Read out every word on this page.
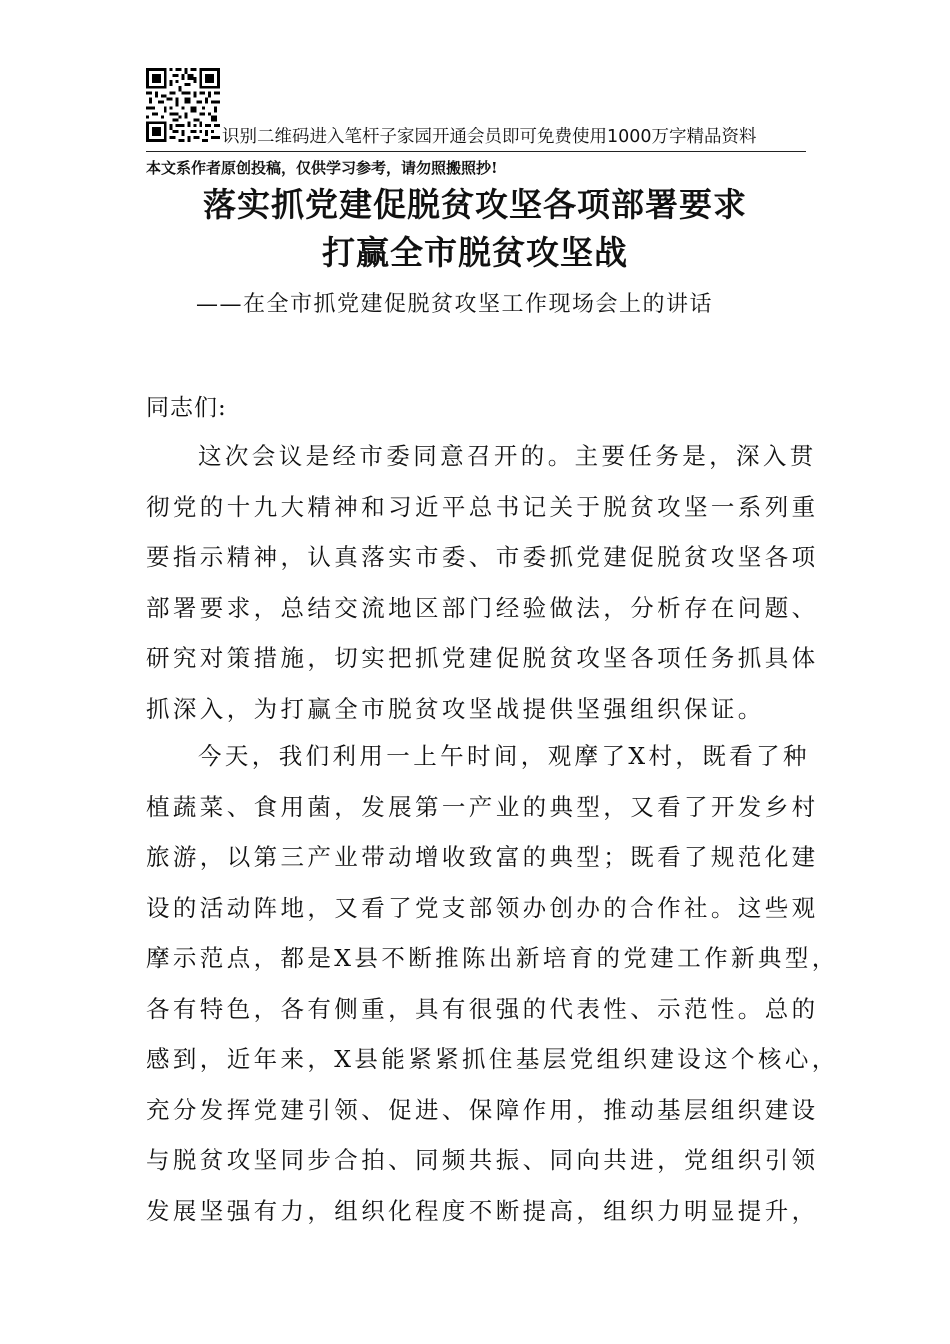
识别二维码进入笔杆子家园开通会员即可免费使用1000万字精品资料
本文系作者原创投稿，仅供学习参考，请勿照搬照抄!
落实抓党建促脱贫攻坚各项部署要求
打赢全市脱贫攻坚战
——在全市抓党建促脱贫攻坚工作现场会上的讲话
同志们:
这次会议是经市委同意召开的。主要任务是，深入贯
彻党的十九大精神和习近平总书记关于脱贫攻坚一系列重
要指示精神，认真落实市委、市委抓党建促脱贫攻坚各项
部署要求，总结交流地区部门经验做法，分析存在问题、
研究对策措施，切实把抓党建促脱贫攻坚各项任务抓具体
抓深入，为打赢全市脱贫攻坚战提供坚强组织保证。
今天，我们利用一上午时间，观摩了X村，既看了种
植蔬菜、食用菌，发展第一产业的典型，又看了开发乡村
旅游，以第三产业带动增收致富的典型；既看了规范化建
设的活动阵地，又看了党支部领办创办的合作社。这些观
摩示范点，都是X县不断推陈出新培育的党建工作新典型，
各有特色，各有侧重，具有很强的代表性、示范性。总的
感到，近年来，X县能紧紧抓住基层党组织建设这个核心，
充分发挥党建引领、促进、保障作用，推动基层组织建设
与脱贫攻坚同步合拍、同频共振、同向共进，党组织引领
发展坚强有力，组织化程度不断提高，组织力明显提升，
